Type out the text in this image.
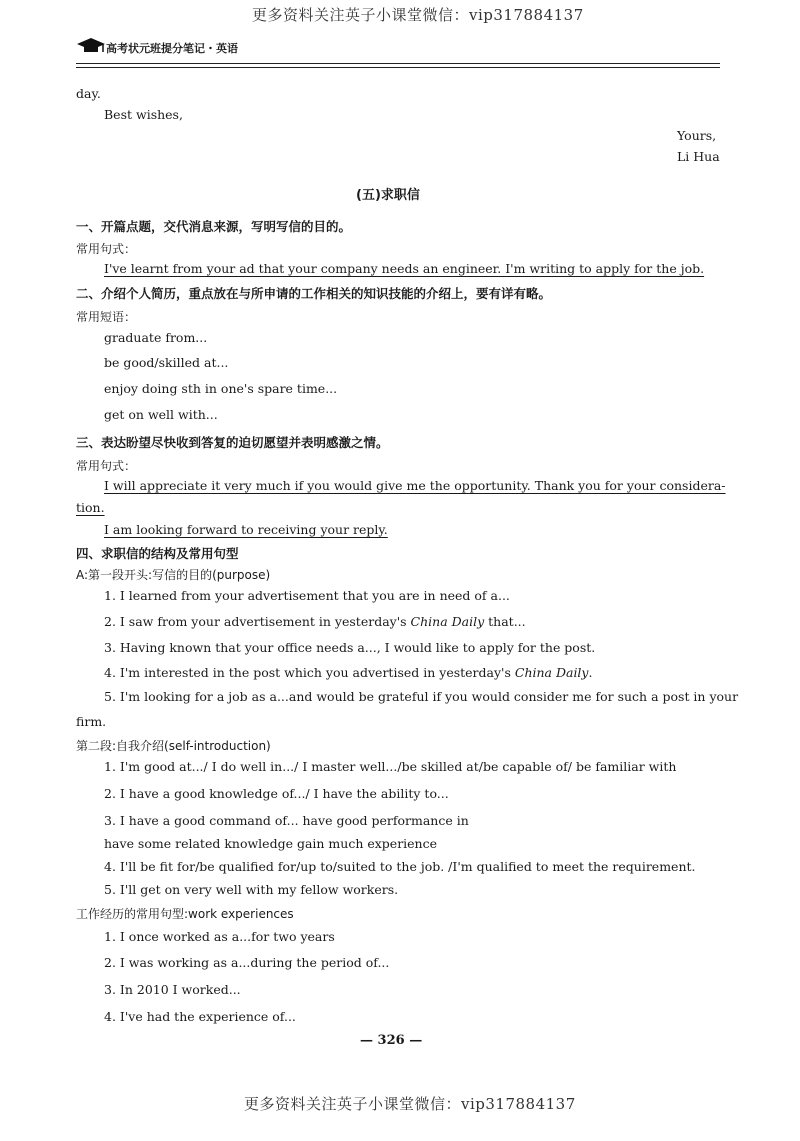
更多资料关注英子小课堂微信：vip317884137
高考状元班提分笔记・英语
day.
Best wishes,
Yours,
Li Hua
(五)求职信
一、开篇点题，交代消息来源，写明写信的目的。
常用句式：
I've learnt from your ad that your company needs an engineer. I'm writing to apply for the job.
二、介绍个人简历，重点放在与所申请的工作相关的知识技能的介绍上，要有详有略。
常用短语：
graduate from...
be good/skilled at...
enjoy doing sth in one's spare time...
get on well with...
三、表达盼望尽快收到答复的迫切愿望并表明感激之情。
常用句式：
I will appreciate it very much if you would give me the opportunity. Thank you for your considera-
tion.
I am looking forward to receiving your reply.
四、求职信的结构及常用句型
A:第一段开头:写信的目的(purpose)
1. I learned from your advertisement that you are in need of a...
2. I saw from your advertisement in yesterday's China Daily that...
3. Having known that your office needs a..., I would like to apply for the post.
4. I'm interested in the post which you advertised in yesterday's China Daily.
5. I'm looking for a job as a...and would be grateful if you would consider me for such a post in your
firm.
第二段:自我介绍(self-introduction)
1. I'm good at.../ I do well in.../ I master well.../be skilled at/be capable of/ be familiar with
2. I have a good knowledge of.../ I have the ability to...
3. I have a good command of... have good performance in
have some related knowledge gain much experience
4. I'll be fit for/be qualified for/up to/suited to the job. /I'm qualified to meet the requirement.
5. I'll get on very well with my fellow workers.
工作经历的常用句型:work experiences
1. I once worked as a...for two years
2. I was working as a...during the period of...
3. In 2010 I worked...
4. I've had the experience of...
— 326 —
更多资料关注英子小课堂微信：vip317884137
